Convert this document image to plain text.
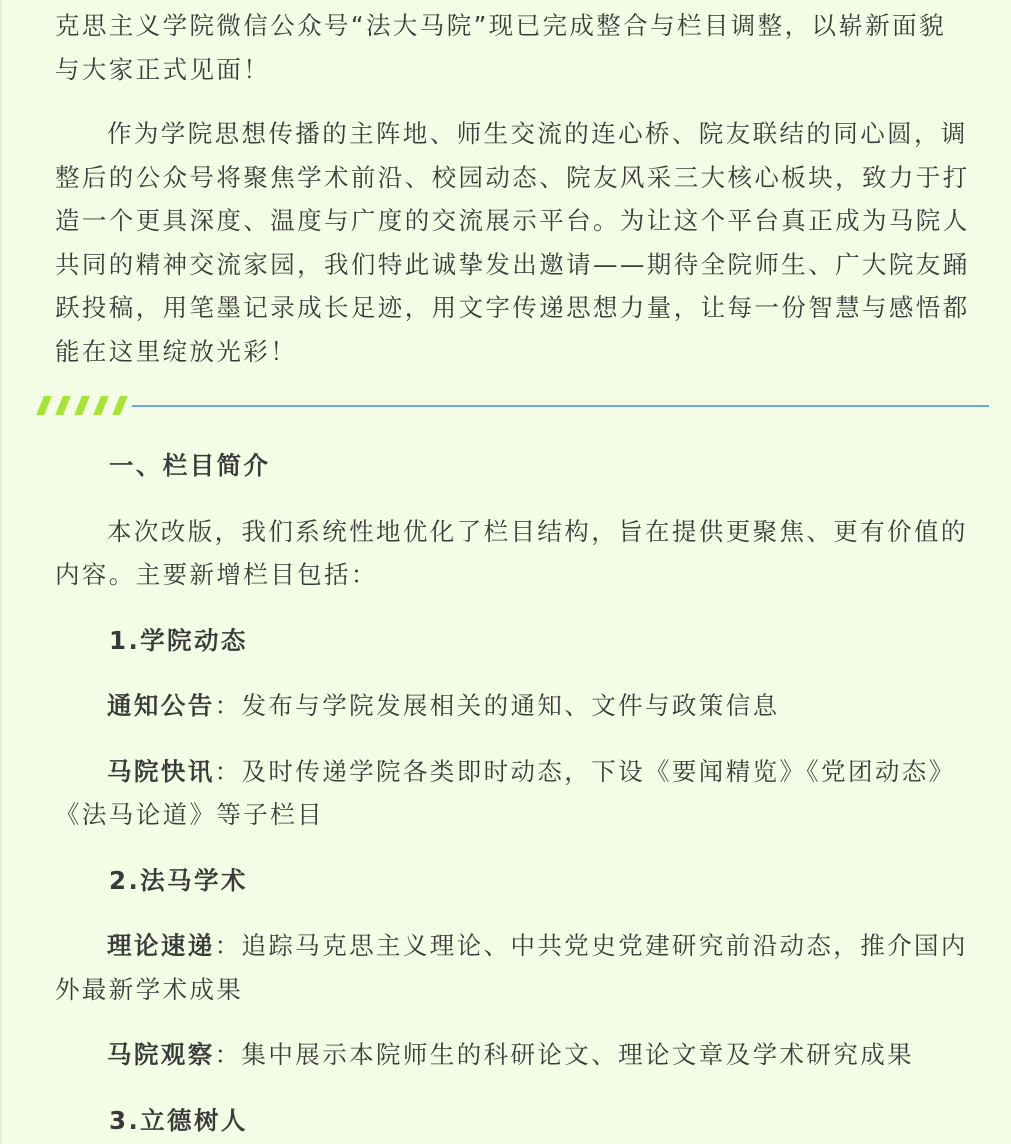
克思主义学院微信公众号“法大马院”现已完成整合与栏目调整，以崭新面貌与大家正式见面！

作为学院思想传播的主阵地、师生交流的连心桥、院友联结的同心圆，调整后的公众号将聚焦学术前沿、校园动态、院友风采三大核心板块，致力于打造一个更具深度、温度与广度的交流展示平台。为让这个平台真正成为马院人共同的精神交流家园，我们特此诚挚发出邀请——期待全院师生、广大院友踊跃投稿，用笔墨记录成长足迹，用文字传递思想力量，让每一份智慧与感悟都能在这里绽放光彩！

一、栏目简介

本次改版，我们系统性地优化了栏目结构，旨在提供更聚焦、更有价值的内容。主要新增栏目包括：

1.学院动态

通知公告：发布与学院发展相关的通知、文件与政策信息

马院快讯：及时传递学院各类即时动态，下设《要闻精览》《党团动态》《法马论道》等子栏目

2.法马学术

理论速递：追踪马克思主义理论、中共党史党建研究前沿动态，推介国内外最新学术成果

马院观察：集中展示本院师生的科研论文、理论文章及学术研究成果

3.立德树人
